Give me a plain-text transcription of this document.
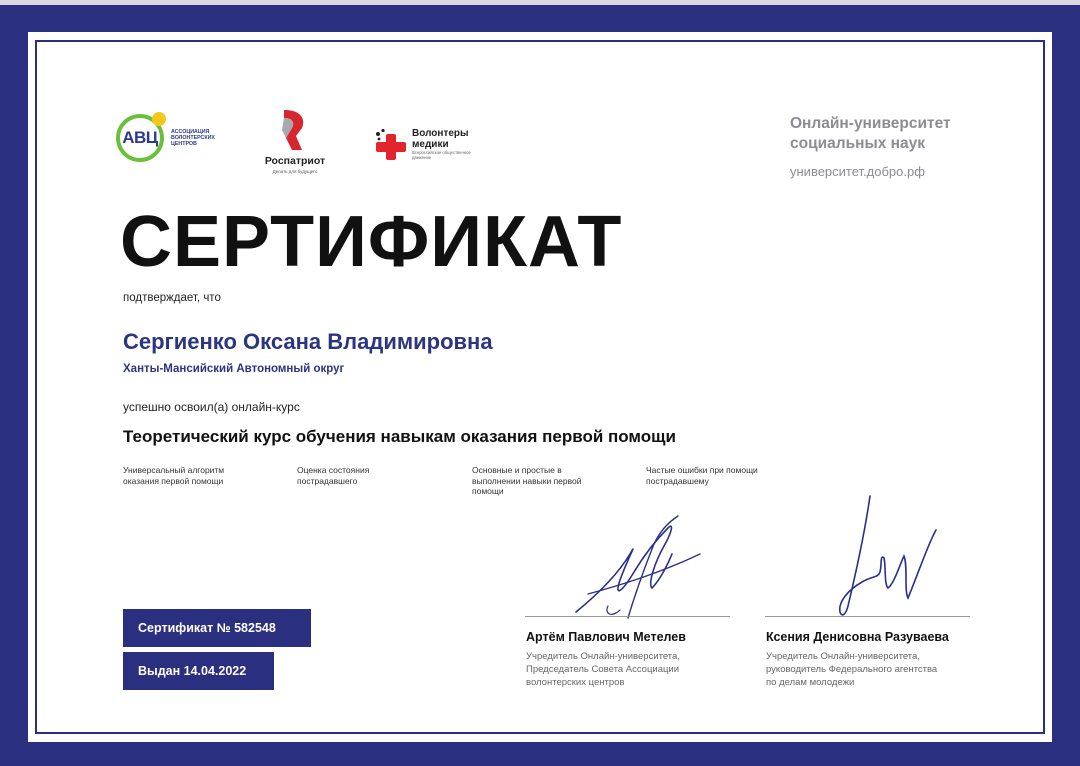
АВЦ	АССОЦИАЦИЯ ВОЛОНТЕРСКИХ ЦЕНТРОВ
Роспатриот
Делать для будущего
Волонтеры
медики
Всероссийское общественное движение
Онлайн-университет социальных наук
университет.добро.рф
СЕРТИФИКАТ
подтверждает, что
Сергиенко Оксана Владимировна
Ханты-Мансийский Автономный округ
успешно освоил(а) онлайн-курс
Теоретический курс обучения навыкам оказания первой помощи
Универсальный алгоритм оказания первой помощи
Оценка состояния пострадавшего
Основные и простые в выполнении навыки первой помощи
Частые ошибки при помощи пострадавшему
Артём Павлович Метелев
Учредитель Онлайн-университета,
Председатель Совета Ассоциации
волонтерских центров
Ксения Денисовна Разуваева
Учредитель Онлайн-университета,
руководитель Федерального агентства
по делам молодежи
Сертификат № 582548
Выдан 14.04.2022
